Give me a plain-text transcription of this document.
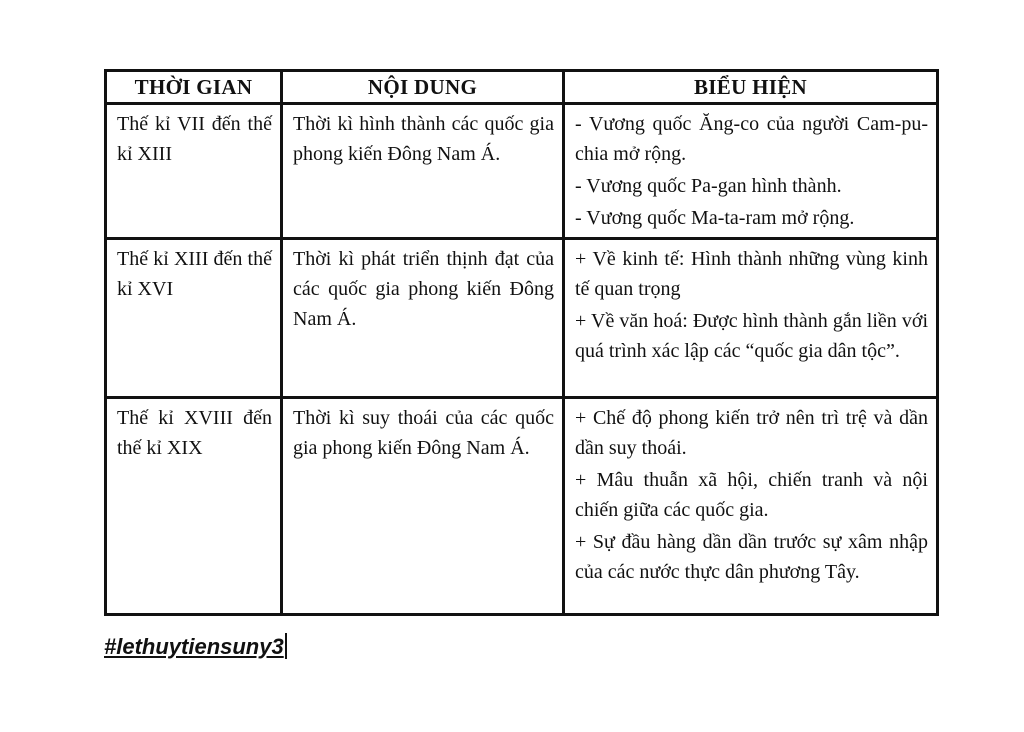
THỜI GIAN	NỘI DUNG	BIỂU HIỆN
Thế kỉ VII đến thế kỉ XIII	Thời kì hình thành các quốc gia phong kiến Đông Nam Á.	- Vương quốc Ăng-co của người Cam-pu-chia mở rộng.
- Vương quốc Pa-gan hình thành.
- Vương quốc Ma-ta-ram mở rộng.

Thế kỉ XIII đến thế kỉ XVI	Thời kì phát triển thịnh đạt của các quốc gia phong kiến Đông Nam Á.	+ Về kinh tế: Hình thành những vùng kinh tế quan trọng
+ Về văn hoá: Được hình thành gắn liền với quá trình xác lập các “quốc gia dân tộc”.

Thế kỉ XVIII đến thế kỉ XIX	Thời kì suy thoái của các quốc gia phong kiến Đông Nam Á.	+ Chế độ phong kiến trở nên trì trệ và dần dần suy thoái.
+ Mâu thuẫn xã hội, chiến tranh và nội chiến giữa các quốc gia.
+ Sự đầu hàng dần dần trước sự xâm nhập của các nước thực dân phương Tây.
#lethuytiensuny3
